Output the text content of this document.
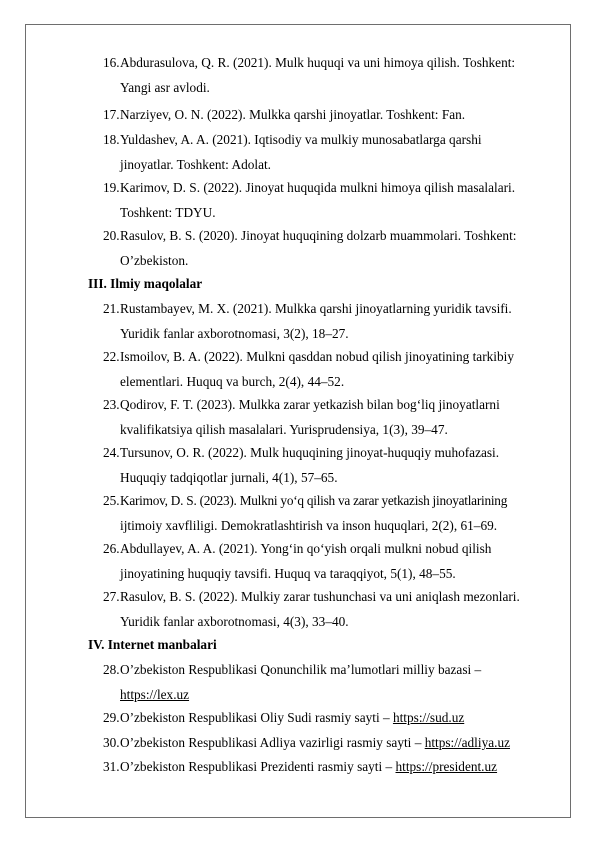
16. Abdurasulova, Q. R. (2021). Mulk huquqi va uni himoya qilish. Toshkent:
Yangi asr avlodi.
17. Narziyev, O. N. (2022). Mulkka qarshi jinoyatlar. Toshkent: Fan.
18. Yuldashev, A. A. (2021). Iqtisodiy va mulkiy munosabatlarga qarshi
jinoyatlar. Toshkent: Adolat.
19. Karimov, D. S. (2022). Jinoyat huquqida mulkni himoya qilish masalalari.
Toshkent: TDYU.
20. Rasulov, B. S. (2020). Jinoyat huquqining dolzarb muammolari. Toshkent:
O’zbekiston.
III. Ilmiy maqolalar
21. Rustambayev, M. X. (2021). Mulkka qarshi jinoyatlarning yuridik tavsifi.
Yuridik fanlar axborotnomasi, 3(2), 18–27.
22. Ismoilov, B. A. (2022). Mulkni qasddan nobud qilish jinoyatining tarkibiy
elementlari. Huquq va burch, 2(4), 44–52.
23. Qodirov, F. T. (2023). Mulkka zarar yetkazish bilan bog‘liq jinoyatlarni
kvalifikatsiya qilish masalalari. Yurisprudensiya, 1(3), 39–47.
24. Tursunov, O. R. (2022). Mulk huquqining jinoyat-huquqiy muhofazasi.
Huquqiy tadqiqotlar jurnali, 4(1), 57–65.
25. Karimov, D. S. (2023). Mulkni yo‘q qilish va zarar yetkazish jinoyatlarining
ijtimoiy xavfliligi. Demokratlashtirish va inson huquqlari, 2(2), 61–69.
26. Abdullayev, A. A. (2021). Yong‘in qo‘yish orqali mulkni nobud qilish
jinoyatining huquqiy tavsifi. Huquq va taraqqiyot, 5(1), 48–55.
27. Rasulov, B. S. (2022). Mulkiy zarar tushunchasi va uni aniqlash mezonlari.
Yuridik fanlar axborotnomasi, 4(3), 33–40.
IV. Internet manbalari
28. O’zbekiston Respublikasi Qonunchilik ma’lumotlari milliy bazasi –
https://lex.uz
29. O’zbekiston Respublikasi Oliy Sudi rasmiy sayti – https://sud.uz
30. O’zbekiston Respublikasi Adliya vazirligi rasmiy sayti – https://adliya.uz
31. O’zbekiston Respublikasi Prezidenti rasmiy sayti – https://president.uz
